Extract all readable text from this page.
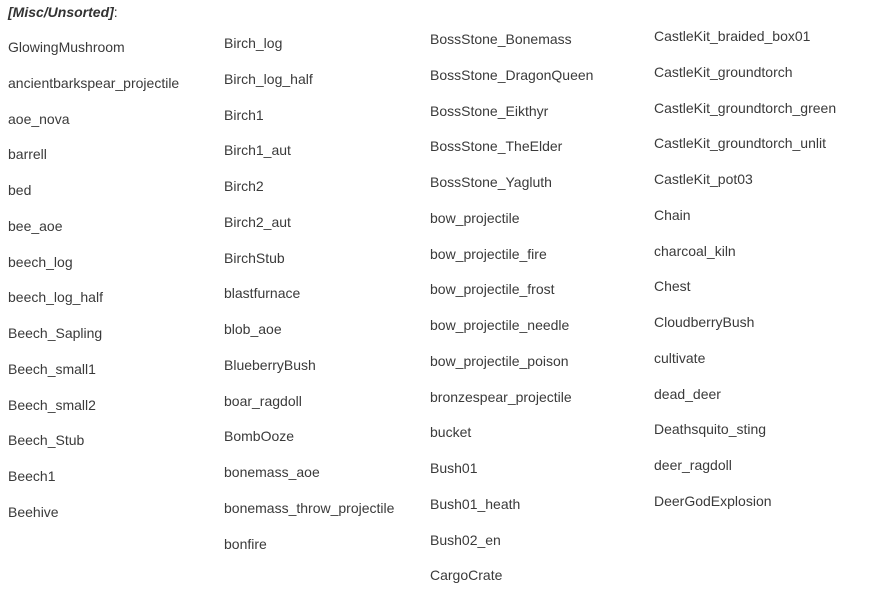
[Misc/Unsorted]:
GlowingMushroom
ancientbarkspear_projectile
aoe_nova
barrell
bed
bee_aoe
beech_log
beech_log_half
Beech_Sapling
Beech_small1
Beech_small2
Beech_Stub
Beech1
Beehive
Birch_log
Birch_log_half
Birch1
Birch1_aut
Birch2
Birch2_aut
BirchStub
blastfurnace
blob_aoe
BlueberryBush
boar_ragdoll
BombOoze
bonemass_aoe
bonemass_throw_projectile
bonfire
BossStone_Bonemass
BossStone_DragonQueen
BossStone_Eikthyr
BossStone_TheElder
BossStone_Yagluth
bow_projectile
bow_projectile_fire
bow_projectile_frost
bow_projectile_needle
bow_projectile_poison
bronzespear_projectile
bucket
Bush01
Bush01_heath
Bush02_en
CargoCrate
CastleKit_braided_box01
CastleKit_groundtorch
CastleKit_groundtorch_green
CastleKit_groundtorch_unlit
CastleKit_pot03
Chain
charcoal_kiln
Chest
CloudberryBush
cultivate
dead_deer
Deathsquito_sting
deer_ragdoll
DeerGodExplosion
